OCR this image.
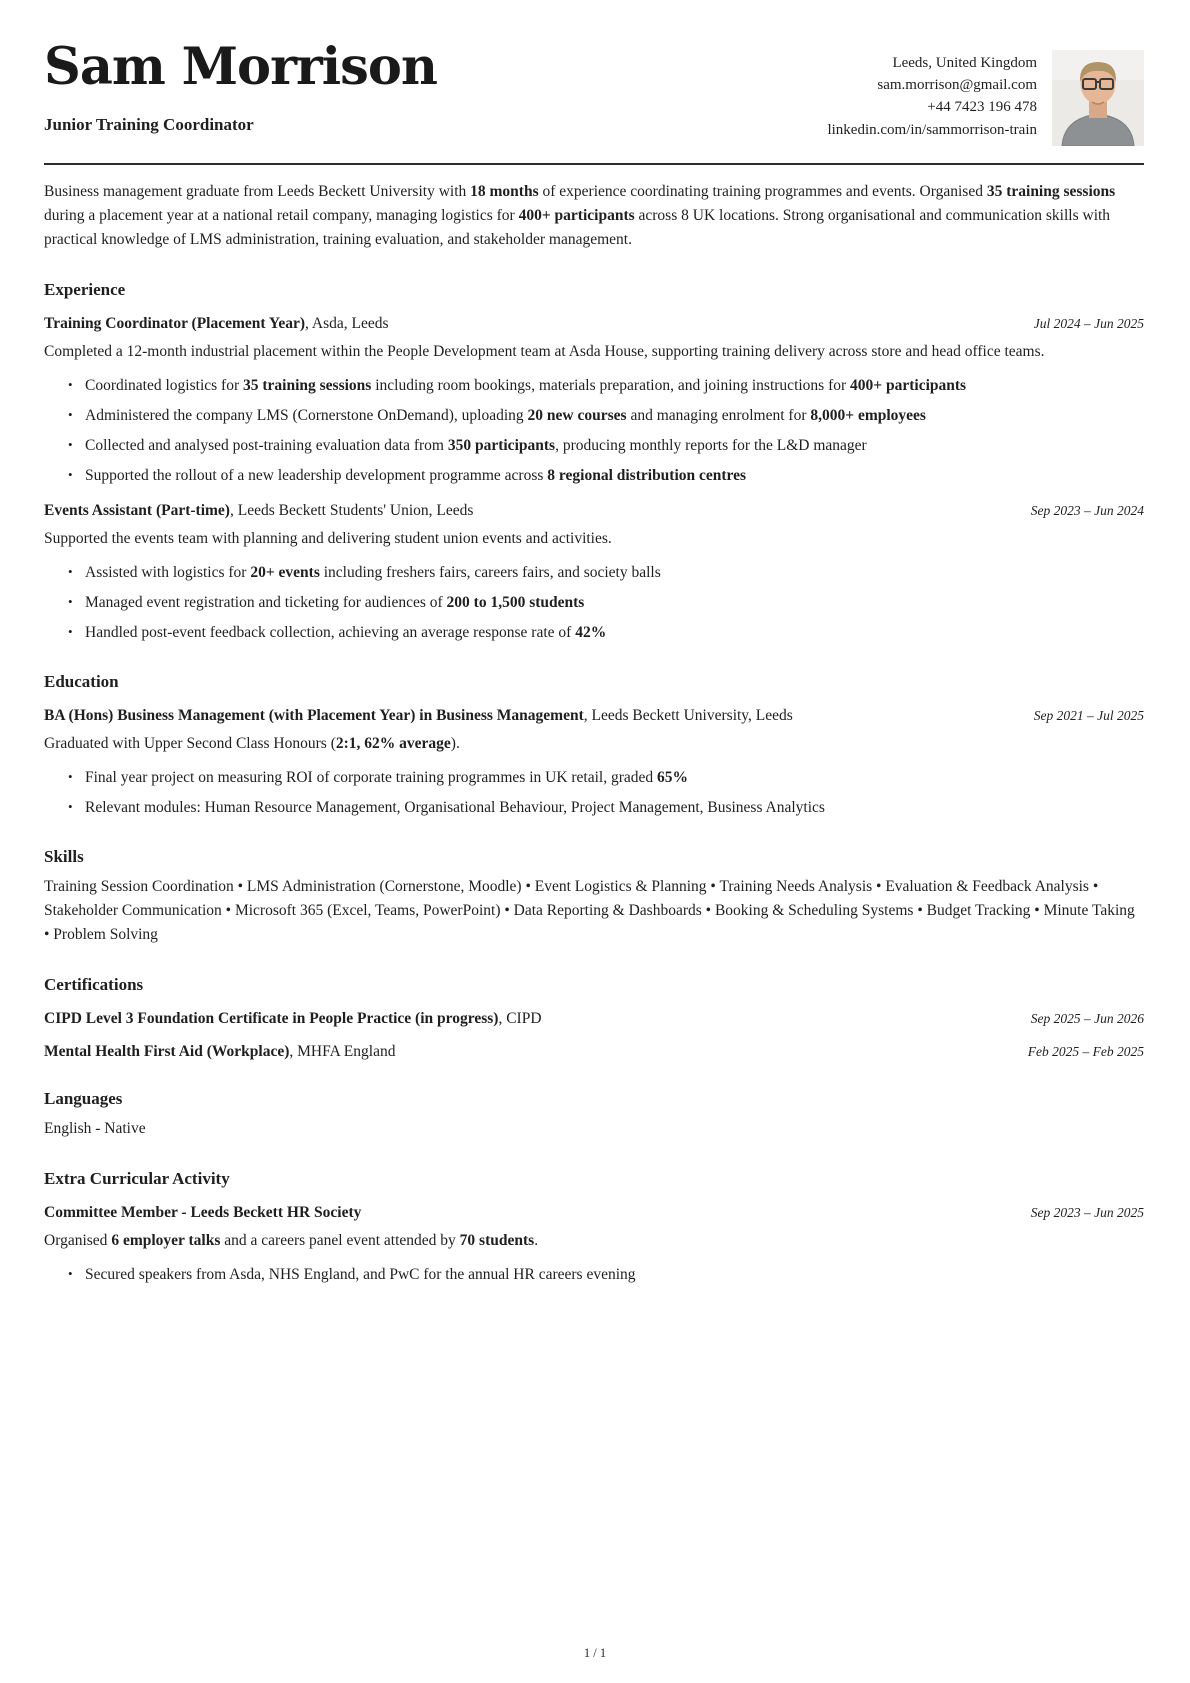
Sam Morrison
Junior Training Coordinator
Leeds, United Kingdom
sam.morrison@gmail.com
+44 7423 196 478
linkedin.com/in/sammorrison-train

Business management graduate from Leeds Beckett University with 18 months of experience coordinating training programmes and events. Organised 35 training sessions during a placement year at a national retail company, managing logistics for 400+ participants across 8 UK locations. Strong organisational and communication skills with practical knowledge of LMS administration, training evaluation, and stakeholder management.

Experience
Training Coordinator (Placement Year), Asda, Leeds	Jul 2024 – Jun 2025

Completed a 12-month industrial placement within the People Development team at Asda House, supporting training delivery across store and head office teams.

• Coordinated logistics for 35 training sessions including room bookings, materials preparation, and joining instructions for 400+ participants
• Administered the company LMS (Cornerstone OnDemand), uploading 20 new courses and managing enrolment for 8,000+ employees
• Collected and analysed post-training evaluation data from 350 participants, producing monthly reports for the L&D manager
• Supported the rollout of a new leadership development programme across 8 regional distribution centres
Events Assistant (Part-time), Leeds Beckett Students' Union, Leeds	Sep 2023 – Jun 2024

Supported the events team with planning and delivering student union events and activities.

• Assisted with logistics for 20+ events including freshers fairs, careers fairs, and society balls
• Managed event registration and ticketing for audiences of 200 to 1,500 students
• Handled post-event feedback collection, achieving an average response rate of 42%
Education
BA (Hons) Business Management (with Placement Year) in Business Management, Leeds Beckett University, Leeds	Sep 2021 – Jul 2025

Graduated with Upper Second Class Honours (2:1, 62% average).

• Final year project on measuring ROI of corporate training programmes in UK retail, graded 65%
• Relevant modules: Human Resource Management, Organisational Behaviour, Project Management, Business Analytics
Skills

Training Session Coordination • LMS Administration (Cornerstone, Moodle) • Event Logistics & Planning • Training Needs Analysis • Evaluation & Feedback Analysis • Stakeholder Communication • Microsoft 365 (Excel, Teams, PowerPoint) • Data Reporting & Dashboards • Booking & Scheduling Systems • Budget Tracking • Minute Taking • Problem Solving

Certifications
CIPD Level 3 Foundation Certificate in People Practice (in progress), CIPD	Sep 2025 – Jun 2026
Mental Health First Aid (Workplace), MHFA England	Feb 2025 – Feb 2025
Languages

English - Native

Extra Curricular Activity
Committee Member - Leeds Beckett HR Society	Sep 2023 – Jun 2025

Organised 6 employer talks and a careers panel event attended by 70 students.

• Secured speakers from Asda, NHS England, and PwC for the annual HR careers evening
1 / 1
